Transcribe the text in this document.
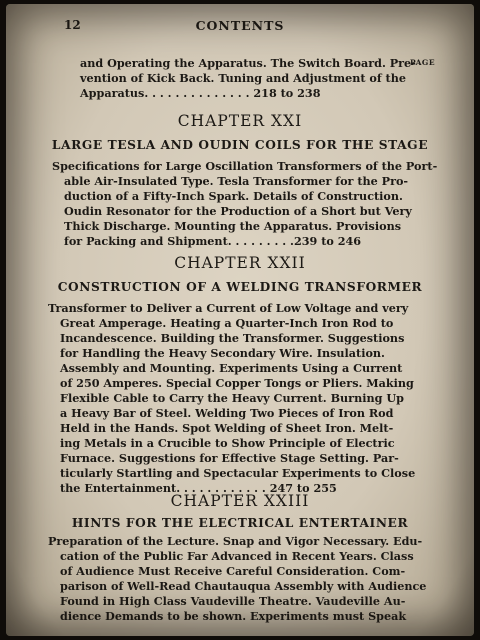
12	CONTENTS
PAGE
and Operating the Apparatus. The Switch Board. Pre-
vention of Kick Back. Tuning and Adjustment of the
Apparatus. . . . . . . . . . . . . . 218 to 238
CHAPTER XXI
LARGE TESLA AND OUDIN COILS FOR THE STAGE
Specifications for Large Oscillation Transformers of the Port-
able Air-Insulated Type. Tesla Transformer for the Pro-
duction of a Fifty-Inch Spark. Details of Construction.
Oudin Resonator for the Production of a Short but Very
Thick Discharge. Mounting the Apparatus. Provisions
for Packing and Shipment. . . . . . . . .239 to 246
CHAPTER XXII
CONSTRUCTION OF A WELDING TRANSFORMER
Transformer to Deliver a Current of Low Voltage and very
Great Amperage. Heating a Quarter-Inch Iron Rod to
Incandescence. Building the Transformer. Suggestions
for Handling the Heavy Secondary Wire. Insulation.
Assembly and Mounting. Experiments Using a Current
of 250 Amperes. Special Copper Tongs or Pliers. Making
Flexible Cable to Carry the Heavy Current. Burning Up
a Heavy Bar of Steel. Welding Two Pieces of Iron Rod
Held in the Hands. Spot Welding of Sheet Iron. Melt-
ing Metals in a Crucible to Show Principle of Electric
Furnace. Suggestions for Effective Stage Setting. Par-
ticularly Startling and Spectacular Experiments to Close
the Entertainment. . . . . . . . . . . . 247 to 255
CHAPTER XXIII
HINTS FOR THE ELECTRICAL ENTERTAINER
Preparation of the Lecture. Snap and Vigor Necessary. Edu-
cation of the Public Far Advanced in Recent Years. Class
of Audience Must Receive Careful Consideration. Com-
parison of Well-Read Chautauqua Assembly with Audience
Found in High Class Vaudeville Theatre. Vaudeville Au-
dience Demands to be shown. Experiments must Speak
